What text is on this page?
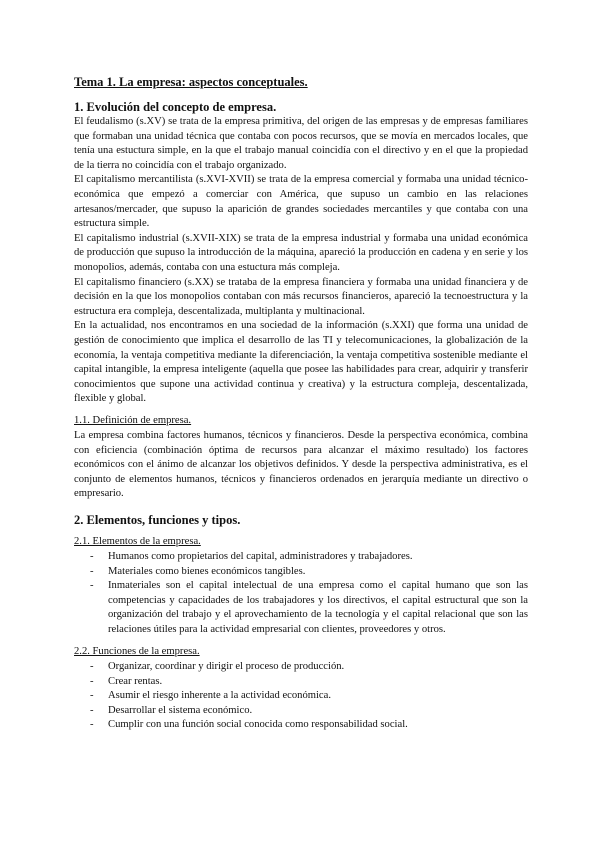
Tema 1. La empresa: aspectos conceptuales.
1. Evolución del concepto de empresa.

El feudalismo (s.XV) se trata de la empresa primitiva, del origen de las empresas y de empresas familiares que formaban una unidad técnica que contaba con pocos recursos, que se movía en mercados locales, que tenía una estuctura simple, en la que el trabajo manual coincidía con el directivo y en el que la propiedad de la tierra no coincidía con el trabajo organizado.

El capitalismo mercantilista (s.XVI-XVII) se trata de la empresa comercial y formaba una unidad técnico-económica que empezó a comerciar con América, que supuso un cambio en las relaciones artesanos/mercader, que supuso la aparición de grandes sociedades mercantiles y que contaba con una estructura simple.

El capitalismo industrial (s.XVII-XIX) se trata de la empresa industrial y formaba una unidad económica de producción que supuso la introducción de la máquina, apareció la producción en cadena y en serie y los monopolios, además, contaba con una estuctura más compleja.

El capitalismo financiero (s.XX) se trataba de la empresa financiera y formaba una unidad financiera y de decisión en la que los monopolios contaban con más recursos financieros, apareció la tecnoestructura y la estructura era compleja, descentalizada, multiplanta y multinacional.

En la actualidad, nos encontramos en una sociedad de la información (s.XXI) que forma una unidad de gestión de conocimiento que implica el desarrollo de las TI y telecomunicaciones, la globalización de la economía, la ventaja competitiva mediante la diferenciación, la ventaja competitiva sostenible mediante el capital intangible, la empresa inteligente (aquella que posee las habilidades para crear, adquirir y transferir conocimientos que supone una actividad continua y creativa) y la estructura compleja, descentalizada, flexible y global.

1.1. Definición de empresa.
La empresa combina factores humanos, técnicos y financieros. Desde la perspectiva económica, combina con eficiencia (combinación óptima de recursos para alcanzar el máximo resultado) los factores económicos con el ánimo de alcanzar los objetivos definidos. Y desde la perspectiva administrativa, es el conjunto de elementos humanos, técnicos y financieros ordenados en jerarquía mediante un directivo o empresario.
2. Elementos, funciones y tipos.
2.1. Elementos de la empresa.
- Humanos como propietarios del capital, administradores y trabajadores.
- Materiales como bienes económicos tangibles.
- Inmateriales son el capital intelectual de una empresa como el capital humano que son las competencias y capacidades de los trabajadores y los directivos, el capital estructural que son la organización del trabajo y el aprovechamiento de la tecnología y el capital relacional que son las relaciones útiles para la actividad empresarial con clientes, proveedores y otros.
2.2. Funciones de la empresa.
- Organizar, coordinar y dirigir el proceso de producción.
- Crear rentas.
- Asumir el riesgo inherente a la actividad económica.
- Desarrollar el sistema económico.
- Cumplir con una función social conocida como responsabilidad social.
